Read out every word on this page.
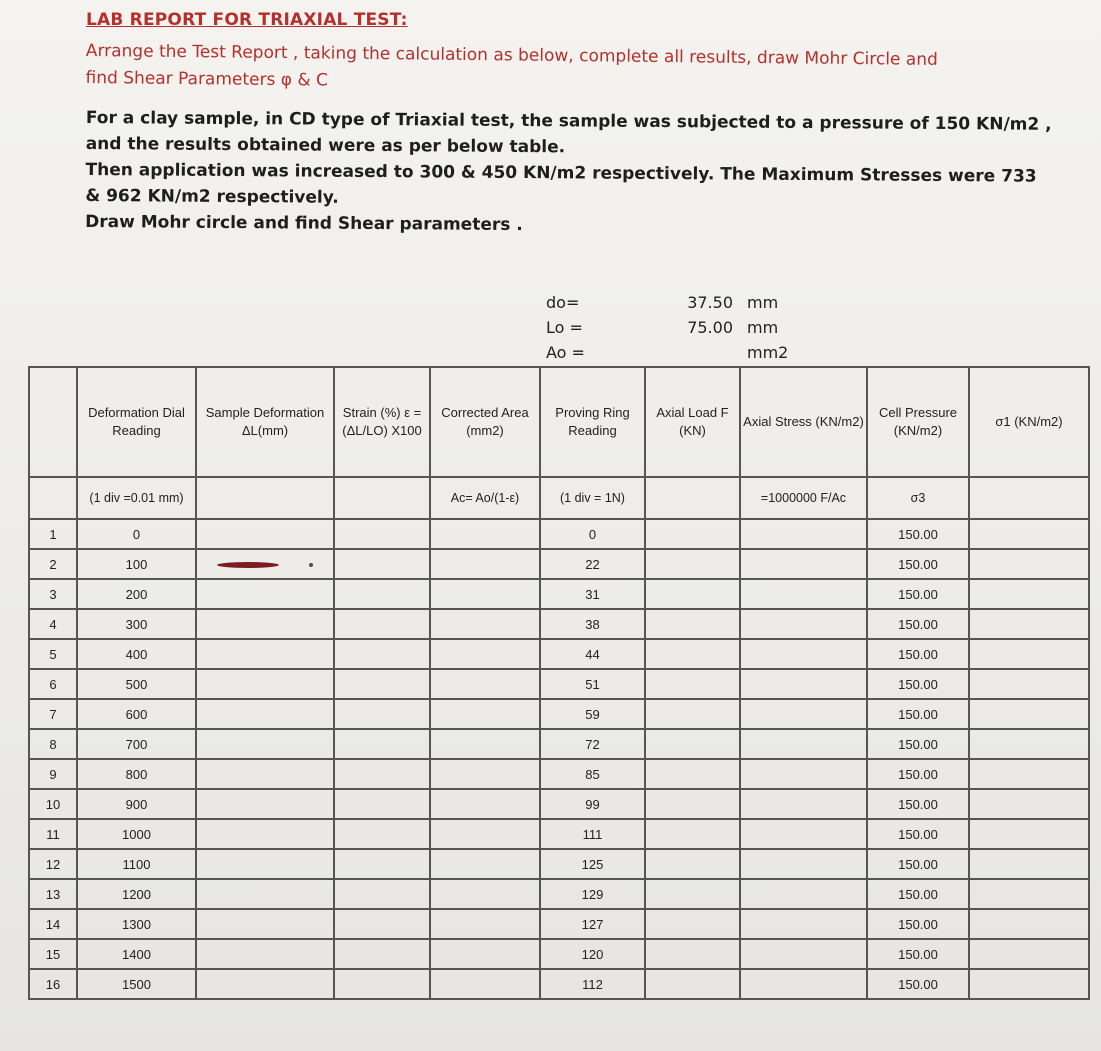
LAB REPORT FOR TRIAXIAL TEST:
Arrange the Test Report , taking the calculation as below, complete all results, draw Mohr Circle and
find Shear Parameters φ & C

For a clay sample, in CD type of Triaxial test, the sample was subjected to a pressure of 150 KN/m2 ,

and the results obtained were as per below table.

Then application was increased to 300 & 450 KN/m2 respectively. The Maximum Stresses were 733

& 962 KN/m2 respectively.

Draw Mohr circle and find Shear parameters .

do=	37.50 mm
Lo =	75.00 mm
Ao =	mm2
	Deformation Dial Reading	Sample Deformation ΔL(mm)	Strain (%) ε = (ΔL/LO) X100	Corrected Area (mm2)	Proving Ring Reading	Axial Load F (KN)	Axial Stress (KN/m2)	Cell Pressure (KN/m2)	σ1 (KN/m2)
	(1 div =0.01 mm)			Ac= Ao/(1-ε)	(1 div = 1N)		=1000000 F/Ac	σ3	
1	0				0			150.00	
2	100				22			150.00	
3	200				31			150.00	
4	300				38			150.00	
5	400				44			150.00	
6	500				51			150.00	
7	600				59			150.00	
8	700				72			150.00	
9	800				85			150.00	
10	900				99			150.00	
11	1000				111			150.00	
12	1100				125			150.00	
13	1200				129			150.00	
14	1300				127			150.00	
15	1400				120			150.00	
16	1500				112			150.00	
